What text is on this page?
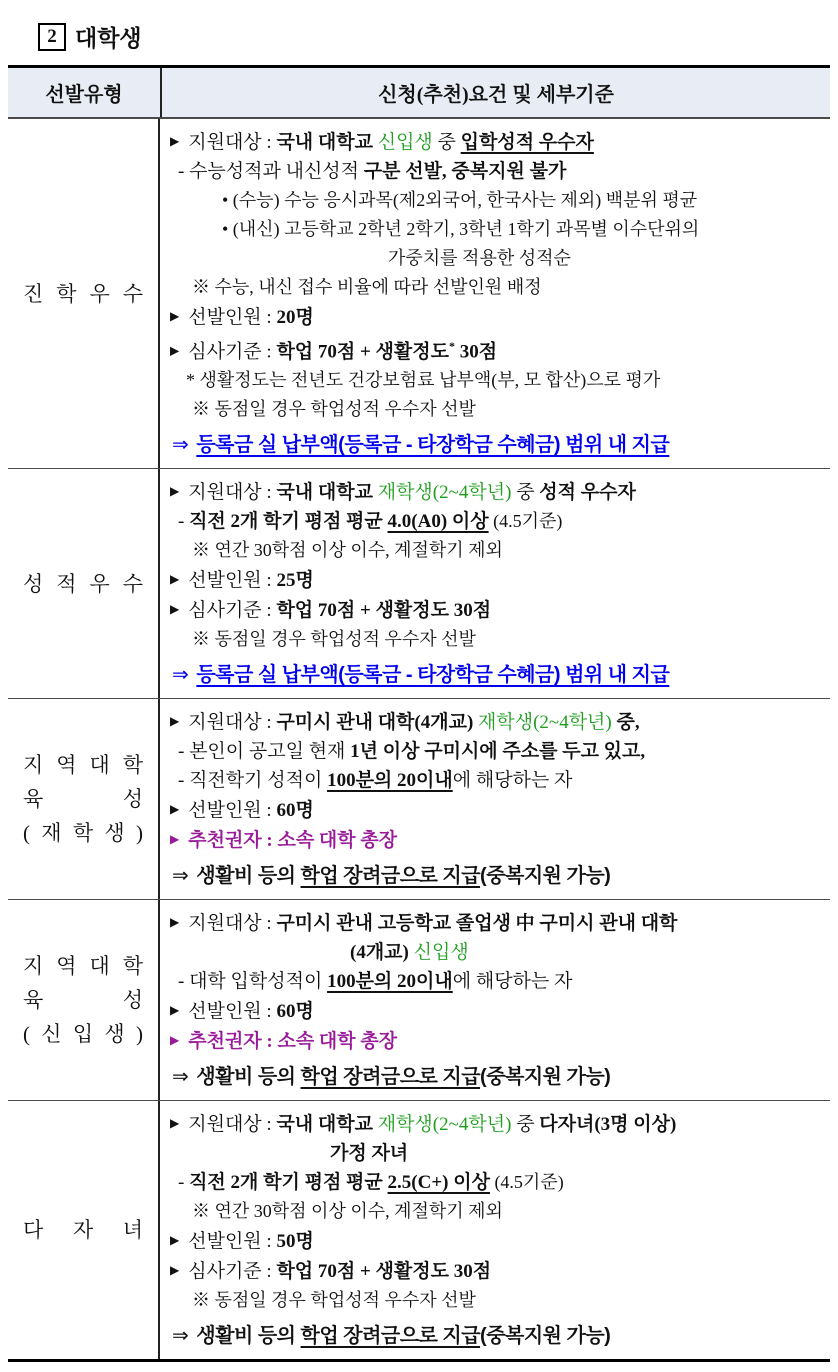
2 대학생
선발유형	신청(추천)요건 및 세부기준
진 학 우 수
▶ 지원대상 : 국내 대학교 신입생 중 입학성적 우수자
- 수능성적과 내신성적 구분 선발, 중복지원 불가
• (수능) 수능 응시과목(제2외국어, 한국사는 제외) 백분위 평균
• (내신) 고등학교 2학년 2학기, 3학년 1학기 과목별 이수단위의
가중치를 적용한 성적순
※ 수능, 내신 접수 비율에 따라 선발인원 배정
▶ 선발인원 : 20명
▶ 심사기준 : 학업 70점 + 생활정도* 30점
* 생활정도는 전년도 건강보험료 납부액(부, 모 합산)으로 평가
※ 동점일 경우 학업성적 우수자 선발
⇒ 등록금 실 납부액(등록금 - 타장학금 수혜금) 범위 내 지급
성 적 우 수
▶ 지원대상 : 국내 대학교 재학생(2~4학년) 중 성적 우수자
- 직전 2개 학기 평점 평균 4.0(A0) 이상 (4.5기준)
※ 연간 30학점 이상 이수, 계절학기 제외
▶ 선발인원 : 25명
▶ 심사기준 : 학업 70점 + 생활정도 30점
※ 동점일 경우 학업성적 우수자 선발
⇒ 등록금 실 납부액(등록금 - 타장학금 수혜금) 범위 내 지급
지 역 대 학
육 성
( 재 학 생 )
▶ 지원대상 : 구미시 관내 대학(4개교) 재학생(2~4학년) 중,
- 본인이 공고일 현재 1년 이상 구미시에 주소를 두고 있고,
- 직전학기 성적이 100분의 20이내에 해당하는 자
▶ 선발인원 : 60명
▶ 추천권자 : 소속 대학 총장
⇒ 생활비 등의 학업 장려금으로 지급(중복지원 가능)
지 역 대 학
육 성
( 신 입 생 )
▶ 지원대상 : 구미시 관내 고등학교 졸업생 中 구미시 관내 대학
(4개교) 신입생
- 대학 입학성적이 100분의 20이내에 해당하는 자
▶ 선발인원 : 60명
▶ 추천권자 : 소속 대학 총장
⇒ 생활비 등의 학업 장려금으로 지급(중복지원 가능)
다 자 녀
▶ 지원대상 : 국내 대학교 재학생(2~4학년) 중 다자녀(3명 이상)
가정 자녀
- 직전 2개 학기 평점 평균 2.5(C+) 이상 (4.5기준)
※ 연간 30학점 이상 이수, 계절학기 제외
▶ 선발인원 : 50명
▶ 심사기준 : 학업 70점 + 생활정도 30점
※ 동점일 경우 학업성적 우수자 선발
⇒ 생활비 등의 학업 장려금으로 지급(중복지원 가능)
